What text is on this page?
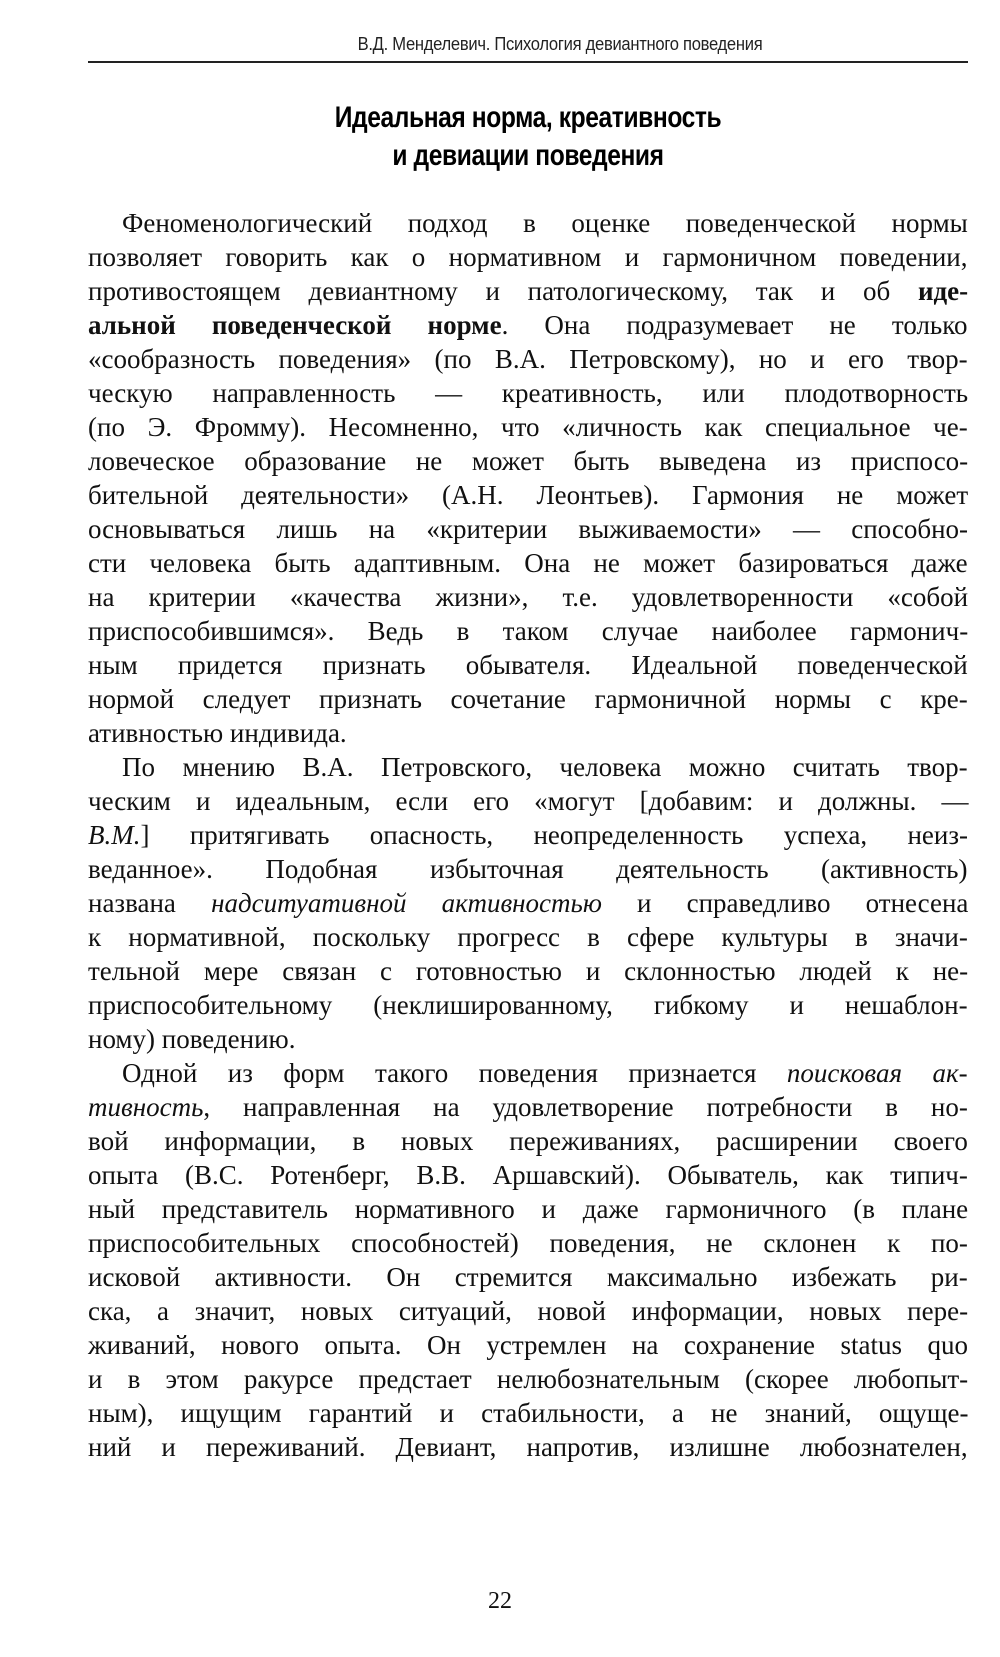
В.Д. Менделевич. Психология девиантного поведения
Идеальная норма, креативность
и девиации поведения
Феноменологический подход в оценке поведенческой нормы
позволяет говорить как о нормативном и гармоничном поведении,
противостоящем девиантному и патологическому, так и об иде-
альной поведенческой норме. Она подразумевает не только
«сообразность поведения» (по В.А. Петровскому), но и его твор-
ческую направленность — креативность, или плодотворность
(по Э. Фромму). Несомненно, что «личность как специальное че-
ловеческое образование не может быть выведена из приспосо-
бительной деятельности» (А.Н. Леонтьев). Гармония не может
основываться лишь на «критерии выживаемости» — способно-
сти человека быть адаптивным. Она не может базироваться даже
на критерии «качества жизни», т.е. удовлетворенности «собой
приспособившимся». Ведь в таком случае наиболее гармонич-
ным придется признать обывателя. Идеальной поведенческой
нормой следует признать сочетание гармоничной нормы с кре-
ативностью индивида.
По мнению В.А. Петровского, человека можно считать твор-
ческим и идеальным, если его «могут [добавим: и должны. —
В.М.] притягивать опасность, неопределенность успеха, неиз-
веданное». Подобная избыточная деятельность (активность)
названа надситуативной активностью и справедливо отнесена
к нормативной, поскольку прогресс в сфере культуры в значи-
тельной мере связан с готовностью и склонностью людей к не-
приспособительному (неклишированному, гибкому и нешаблон-
ному) поведению.
Одной из форм такого поведения признается поисковая ак-
тивность, направленная на удовлетворение потребности в но-
вой информации, в новых переживаниях, расширении своего
опыта (В.С. Ротенберг, В.В. Аршавский). Обыватель, как типич-
ный представитель нормативного и даже гармоничного (в плане
приспособительных способностей) поведения, не склонен к по-
исковой активности. Он стремится максимально избежать ри-
ска, а значит, новых ситуаций, новой информации, новых пере-
живаний, нового опыта. Он устремлен на сохранение status quo
и в этом ракурсе предстает нелюбознательным (скорее любопыт-
ным), ищущим гарантий и стабильности, а не знаний, ощуще-
ний и переживаний. Девиант, напротив, излишне любознателен,
22
